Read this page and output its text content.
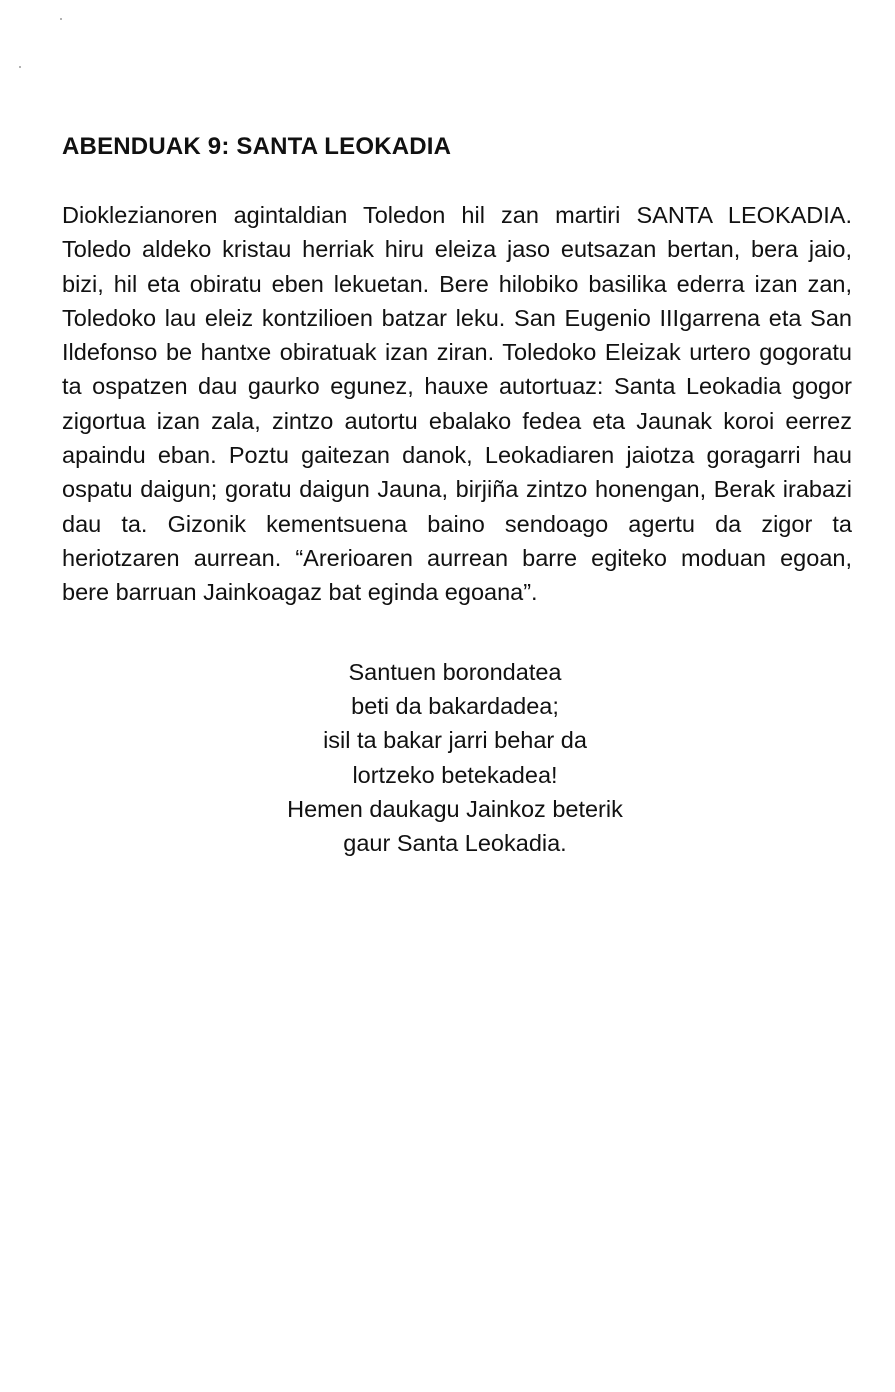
ABENDUAK 9: SANTA LEOKADIA

Dioklezianoren agintaldian Toledon hil zan martiri SANTA LEOKADIA. Toledo aldeko kristau herriak hiru eleiza jaso eutsazan bertan, bera jaio, bizi, hil eta obiratu eben lekuetan. Bere hilobiko basilika ederra izan zan, Toledoko lau eleiz kontzilioen batzar leku. San Eugenio IIIgarrena eta San Ildefonso be hantxe obiratuak izan ziran. Toledoko Eleizak urtero gogoratu ta ospatzen dau gaurko egunez, hauxe autortuaz: Santa Leokadia gogor zigortua izan zala, zintzo autortu ebalako fedea eta Jaunak koroi eerrez apaindu eban. Poztu gaitezan danok, Leokadiaren jaiotza goragarri hau ospatu daigun; goratu daigun Jauna, birjiña zintzo honengan, Berak irabazi dau ta. Gizonik kementsuena baino sendoago agertu da zigor ta heriotzaren aurrean. “Arerioaren aurrean barre egiteko moduan egoan, bere barruan Jainkoagaz bat eginda egoana”.

Santuen borondatea
beti da bakardadea;
isil ta bakar jarri behar da
lortzeko betekadea!
Hemen daukagu Jainkoz beterik
gaur Santa Leokadia.
